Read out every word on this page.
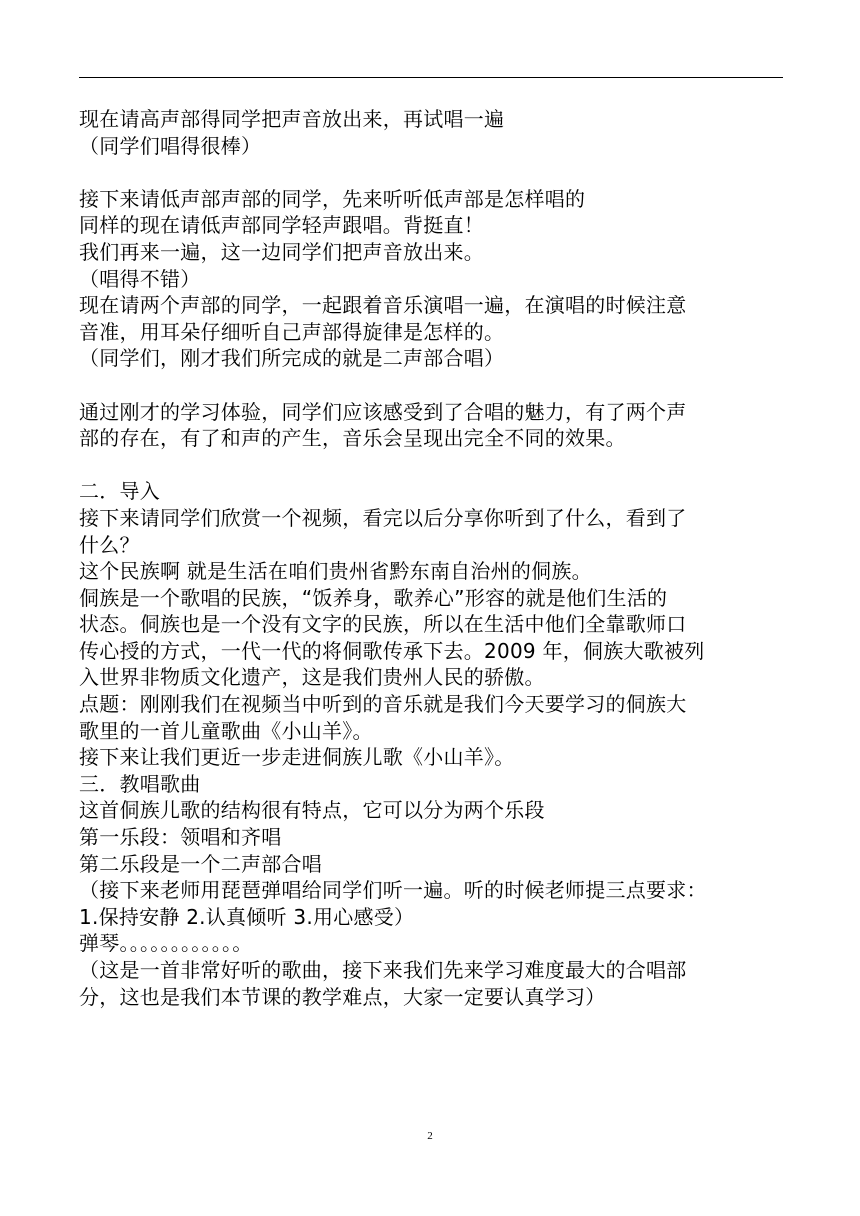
现在请高声部得同学把声音放出来，再试唱一遍
（同学们唱得很棒）
接下来请低声部声部的同学，先来听听低声部是怎样唱的
同样的现在请低声部同学轻声跟唱。背挺直！
我们再来一遍，这一边同学们把声音放出来。
（唱得不错）
现在请两个声部的同学，一起跟着音乐演唱一遍，在演唱的时候注意
音准，用耳朵仔细听自己声部得旋律是怎样的。
（同学们，刚才我们所完成的就是二声部合唱）
通过刚才的学习体验，同学们应该感受到了合唱的魅力，有了两个声
部的存在，有了和声的产生，音乐会呈现出完全不同的效果。
二．导入
接下来请同学们欣赏一个视频，看完以后分享你听到了什么，看到了
什么？
这个民族啊 就是生活在咱们贵州省黔东南自治州的侗族。
侗族是一个歌唱的民族，“饭养身，歌养心”形容的就是他们生活的
状态。侗族也是一个没有文字的民族，所以在生活中他们全靠歌师口
传心授的方式，一代一代的将侗歌传承下去。2009 年，侗族大歌被列
入世界非物质文化遗产，这是我们贵州人民的骄傲。
点题：刚刚我们在视频当中听到的音乐就是我们今天要学习的侗族大
歌里的一首儿童歌曲《小山羊》。
接下来让我们更近一步走进侗族儿歌《小山羊》。
三．教唱歌曲
这首侗族儿歌的结构很有特点，它可以分为两个乐段
第一乐段：领唱和齐唱
第二乐段是一个二声部合唱
（接下来老师用琵琶弹唱给同学们听一遍。听的时候老师提三点要求：
1.保持安静 2.认真倾听 3.用心感受）
弹琴。。。。。。。。。。。。
（这是一首非常好听的歌曲，接下来我们先来学习难度最大的合唱部
分，这也是我们本节课的教学难点，大家一定要认真学习）
2
